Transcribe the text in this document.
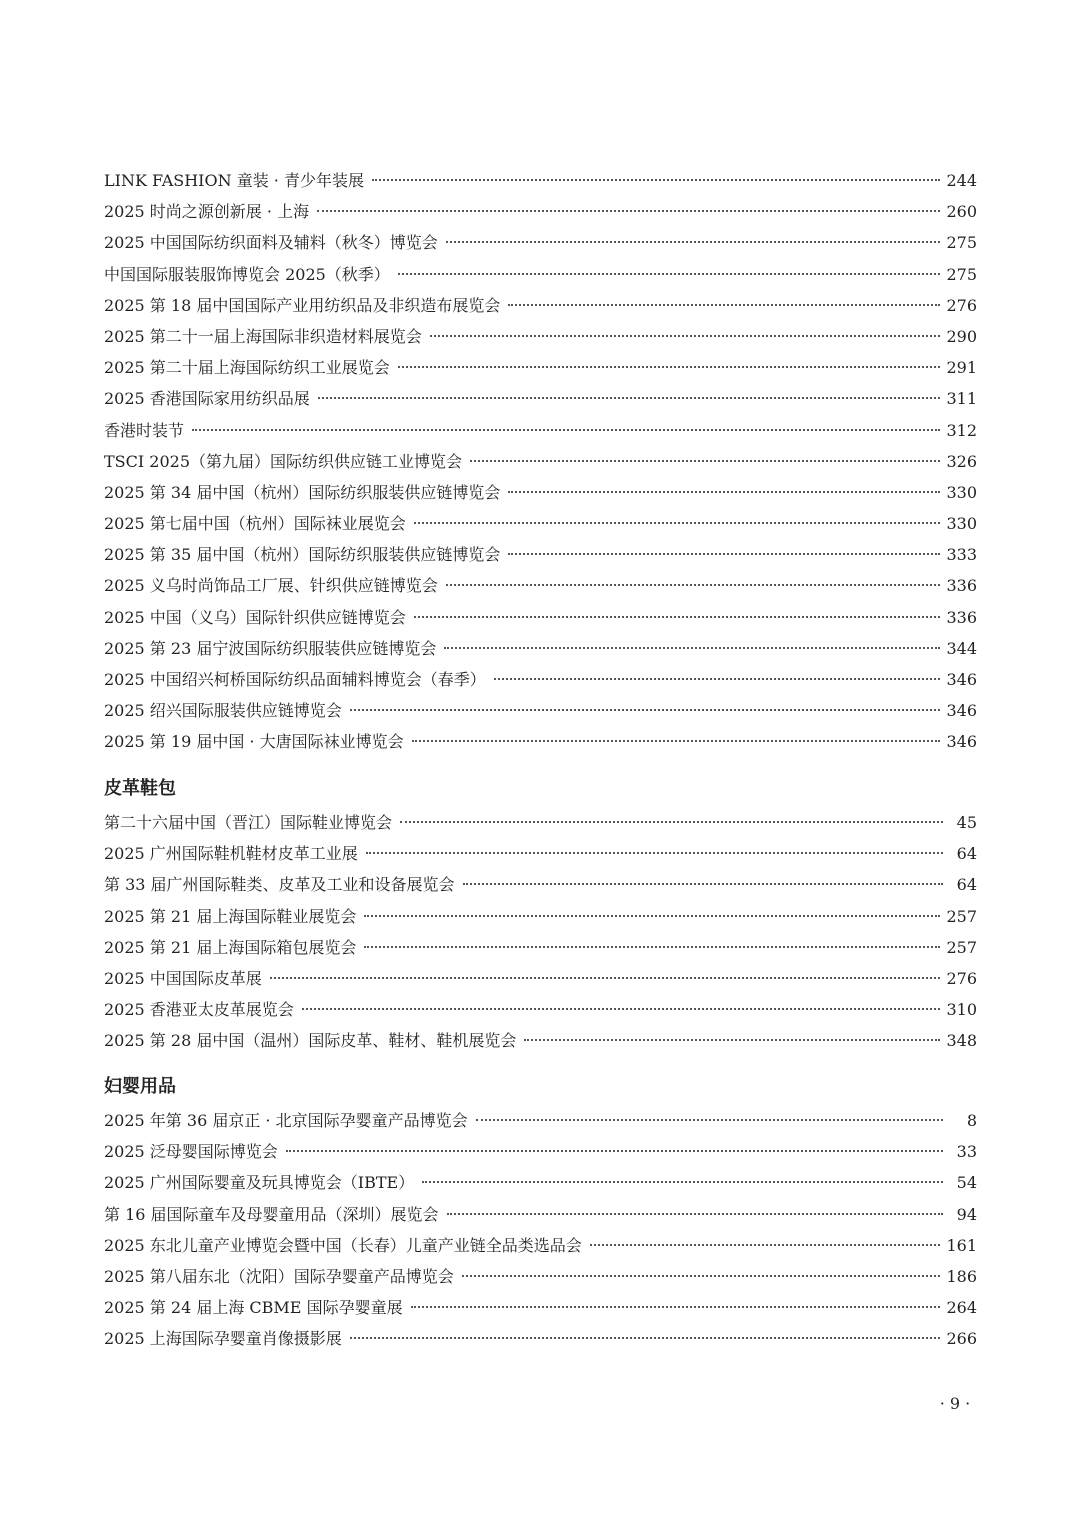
LINK FASHION 童装 · 青少年装展	244
2025 时尚之源创新展 · 上海	260
2025 中国国际纺织面料及辅料（秋冬）博览会	275
中国国际服装服饰博览会 2025（秋季）	275
2025 第 18 届中国国际产业用纺织品及非织造布展览会	276
2025 第二十一届上海国际非织造材料展览会	290
2025 第二十届上海国际纺织工业展览会	291
2025 香港国际家用纺织品展	311
香港时装节	312
TSCI 2025（第九届）国际纺织供应链工业博览会	326
2025 第 34 届中国（杭州）国际纺织服装供应链博览会	330
2025 第七届中国（杭州）国际袜业展览会	330
2025 第 35 届中国（杭州）国际纺织服装供应链博览会	333
2025 义乌时尚饰品工厂展、针织供应链博览会	336
2025 中国（义乌）国际针织供应链博览会	336
2025 第 23 届宁波国际纺织服装供应链博览会	344
2025 中国绍兴柯桥国际纺织品面辅料博览会（春季）	346
2025 绍兴国际服装供应链博览会	346
2025 第 19 届中国 · 大唐国际袜业博览会	346
皮革鞋包
第二十六届中国（晋江）国际鞋业博览会	45
2025 广州国际鞋机鞋材皮革工业展	64
第 33 届广州国际鞋类、皮革及工业和设备展览会	64
2025 第 21 届上海国际鞋业展览会	257
2025 第 21 届上海国际箱包展览会	257
2025 中国国际皮革展	276
2025 香港亚太皮革展览会	310
2025 第 28 届中国（温州）国际皮革、鞋材、鞋机展览会	348
妇婴用品
2025 年第 36 届京正 · 北京国际孕婴童产品博览会	8
2025 泛母婴国际博览会	33
2025 广州国际婴童及玩具博览会（IBTE）	54
第 16 届国际童车及母婴童用品（深圳）展览会	94
2025 东北儿童产业博览会暨中国（长春）儿童产业链全品类选品会	161
2025 第八届东北（沈阳）国际孕婴童产品博览会	186
2025 第 24 届上海 CBME 国际孕婴童展	264
2025 上海国际孕婴童肖像摄影展	266
· 9 ·
